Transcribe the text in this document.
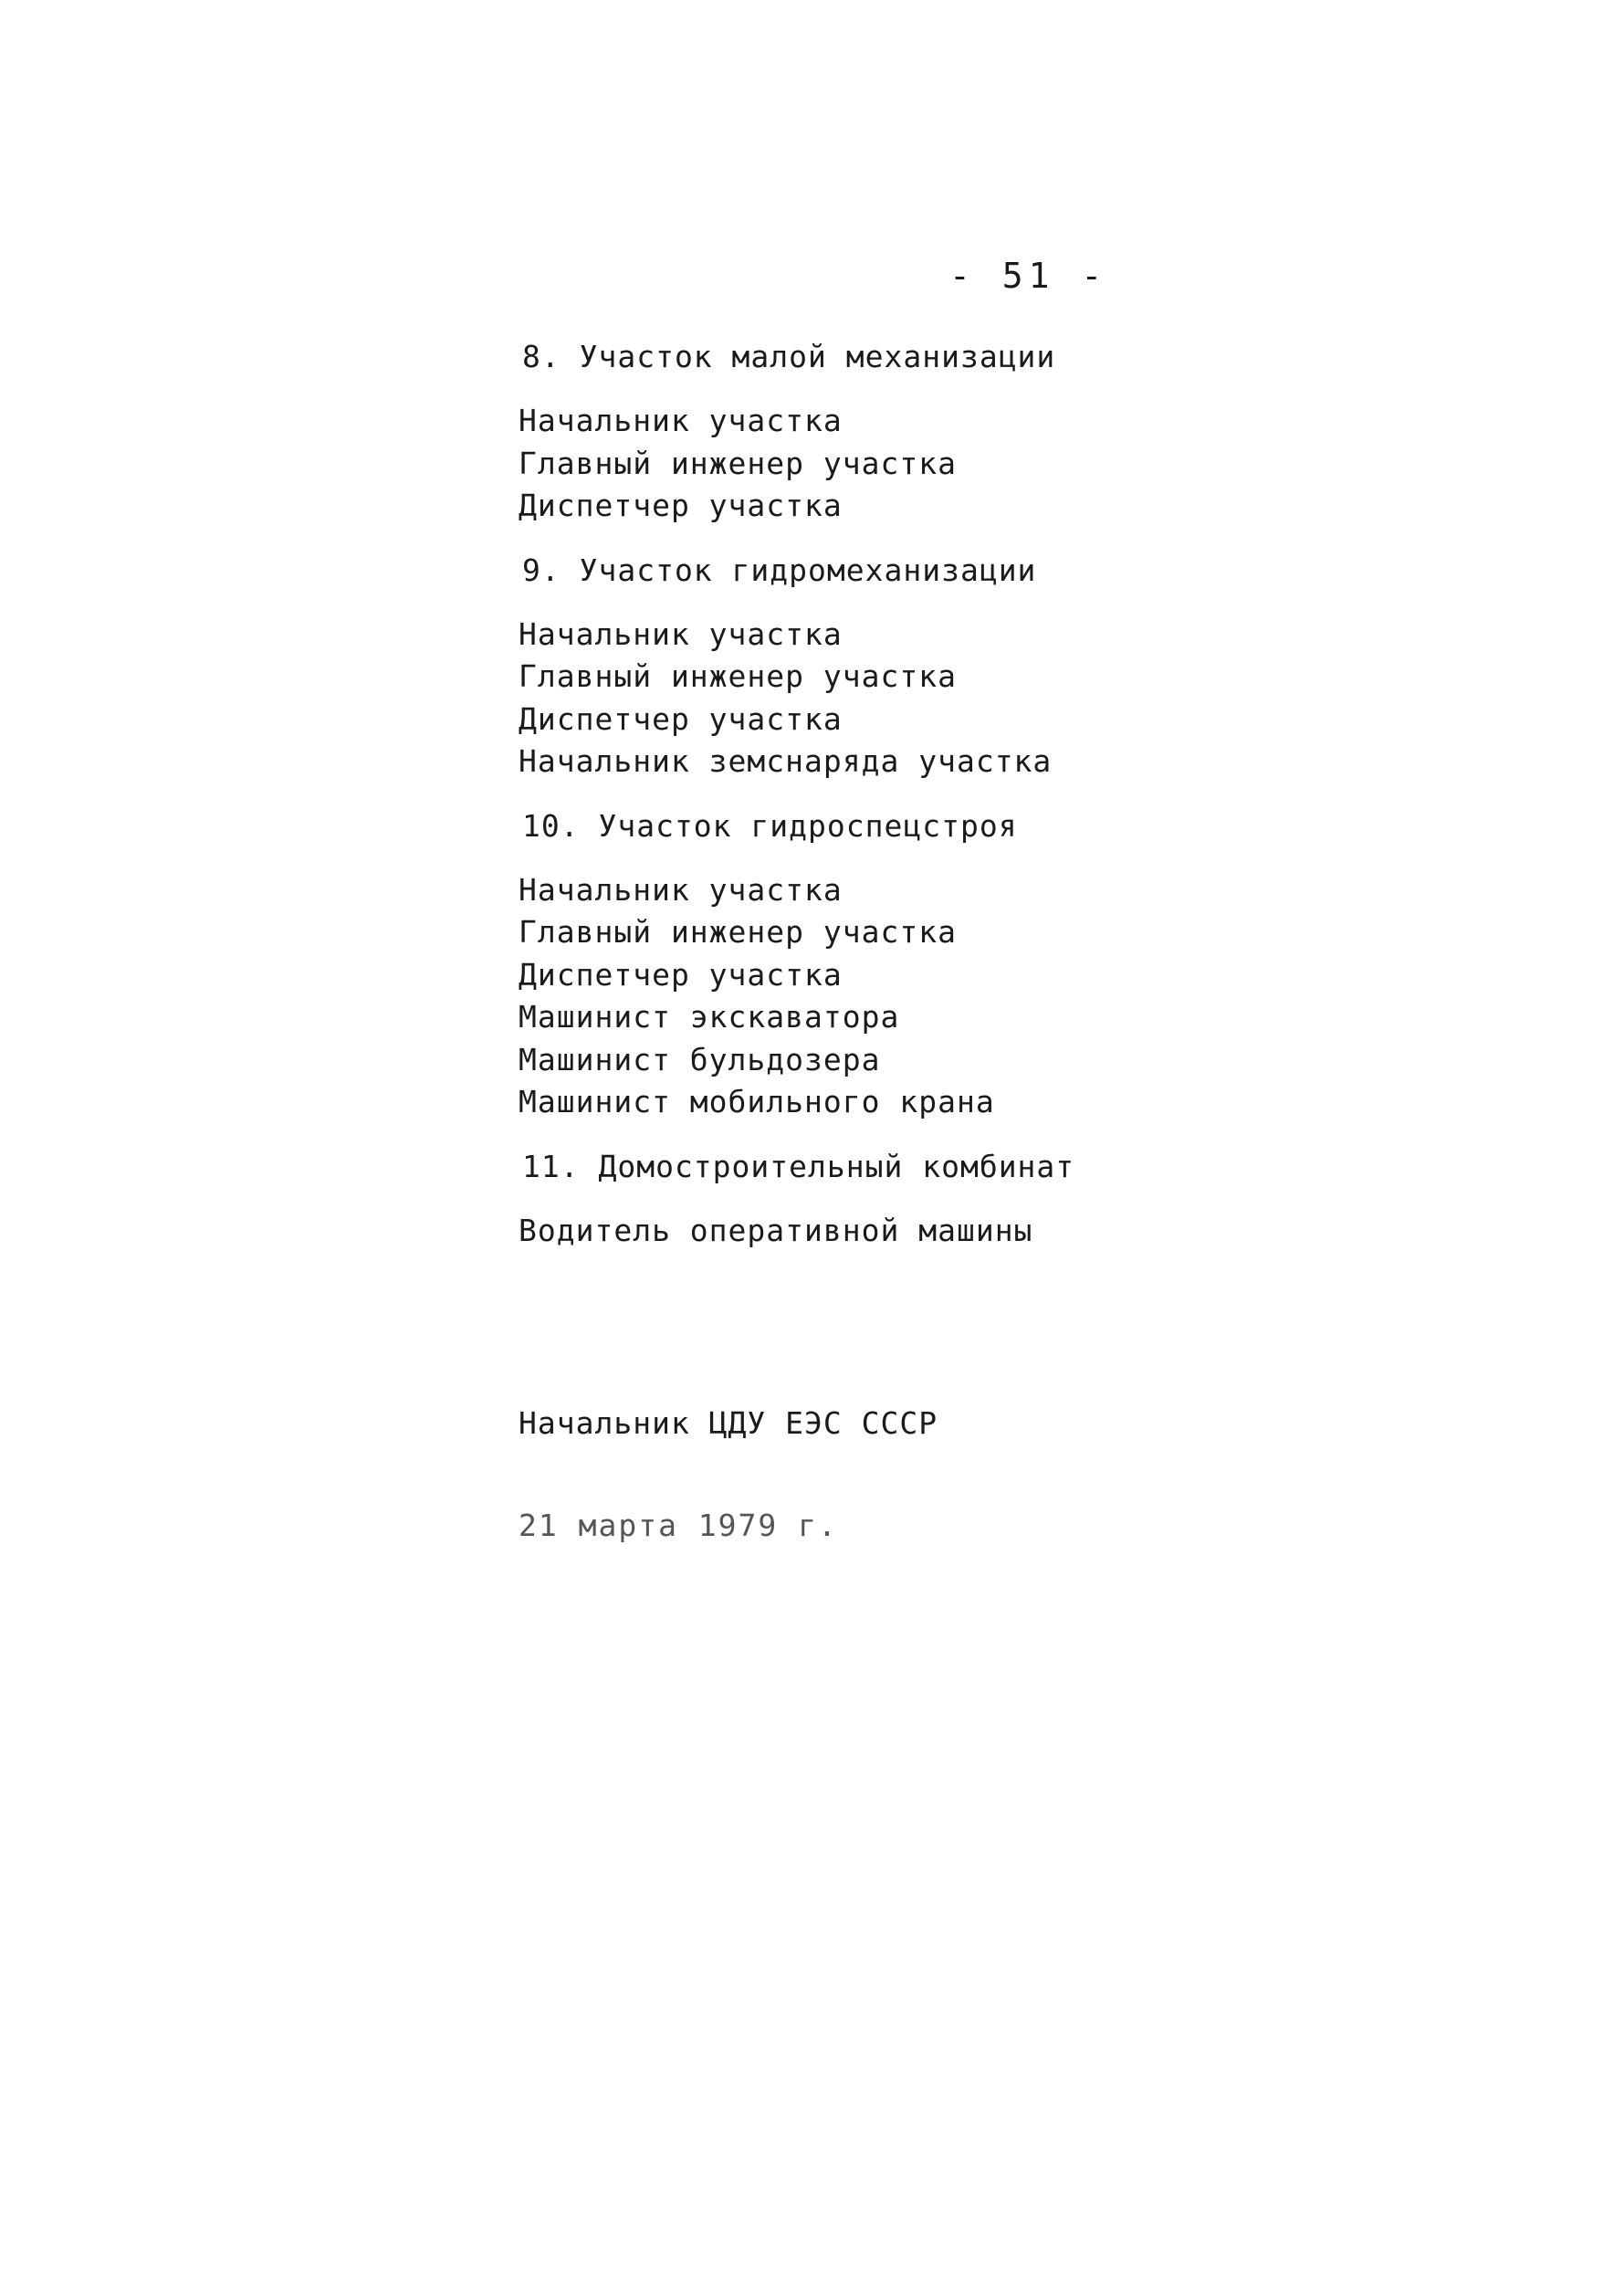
- 51 -
8. Участок малой механизации
Начальник участка
Главный инженер участка
Диспетчер участка
9. Участок гидромеханизации
Начальник участка
Главный инженер участка
Диспетчер участка
Начальник земснаряда участка
10. Участок гидроспецстроя
Начальник участка
Главный инженер участка
Диспетчер участка
Машинист экскаватора
Машинист бульдозера
Машинист мобильного крана
11. Домостроительный комбинат
Водитель оперативной машины
Начальник ЦДУ ЕЭС СССР
21 марта 1979 г.
